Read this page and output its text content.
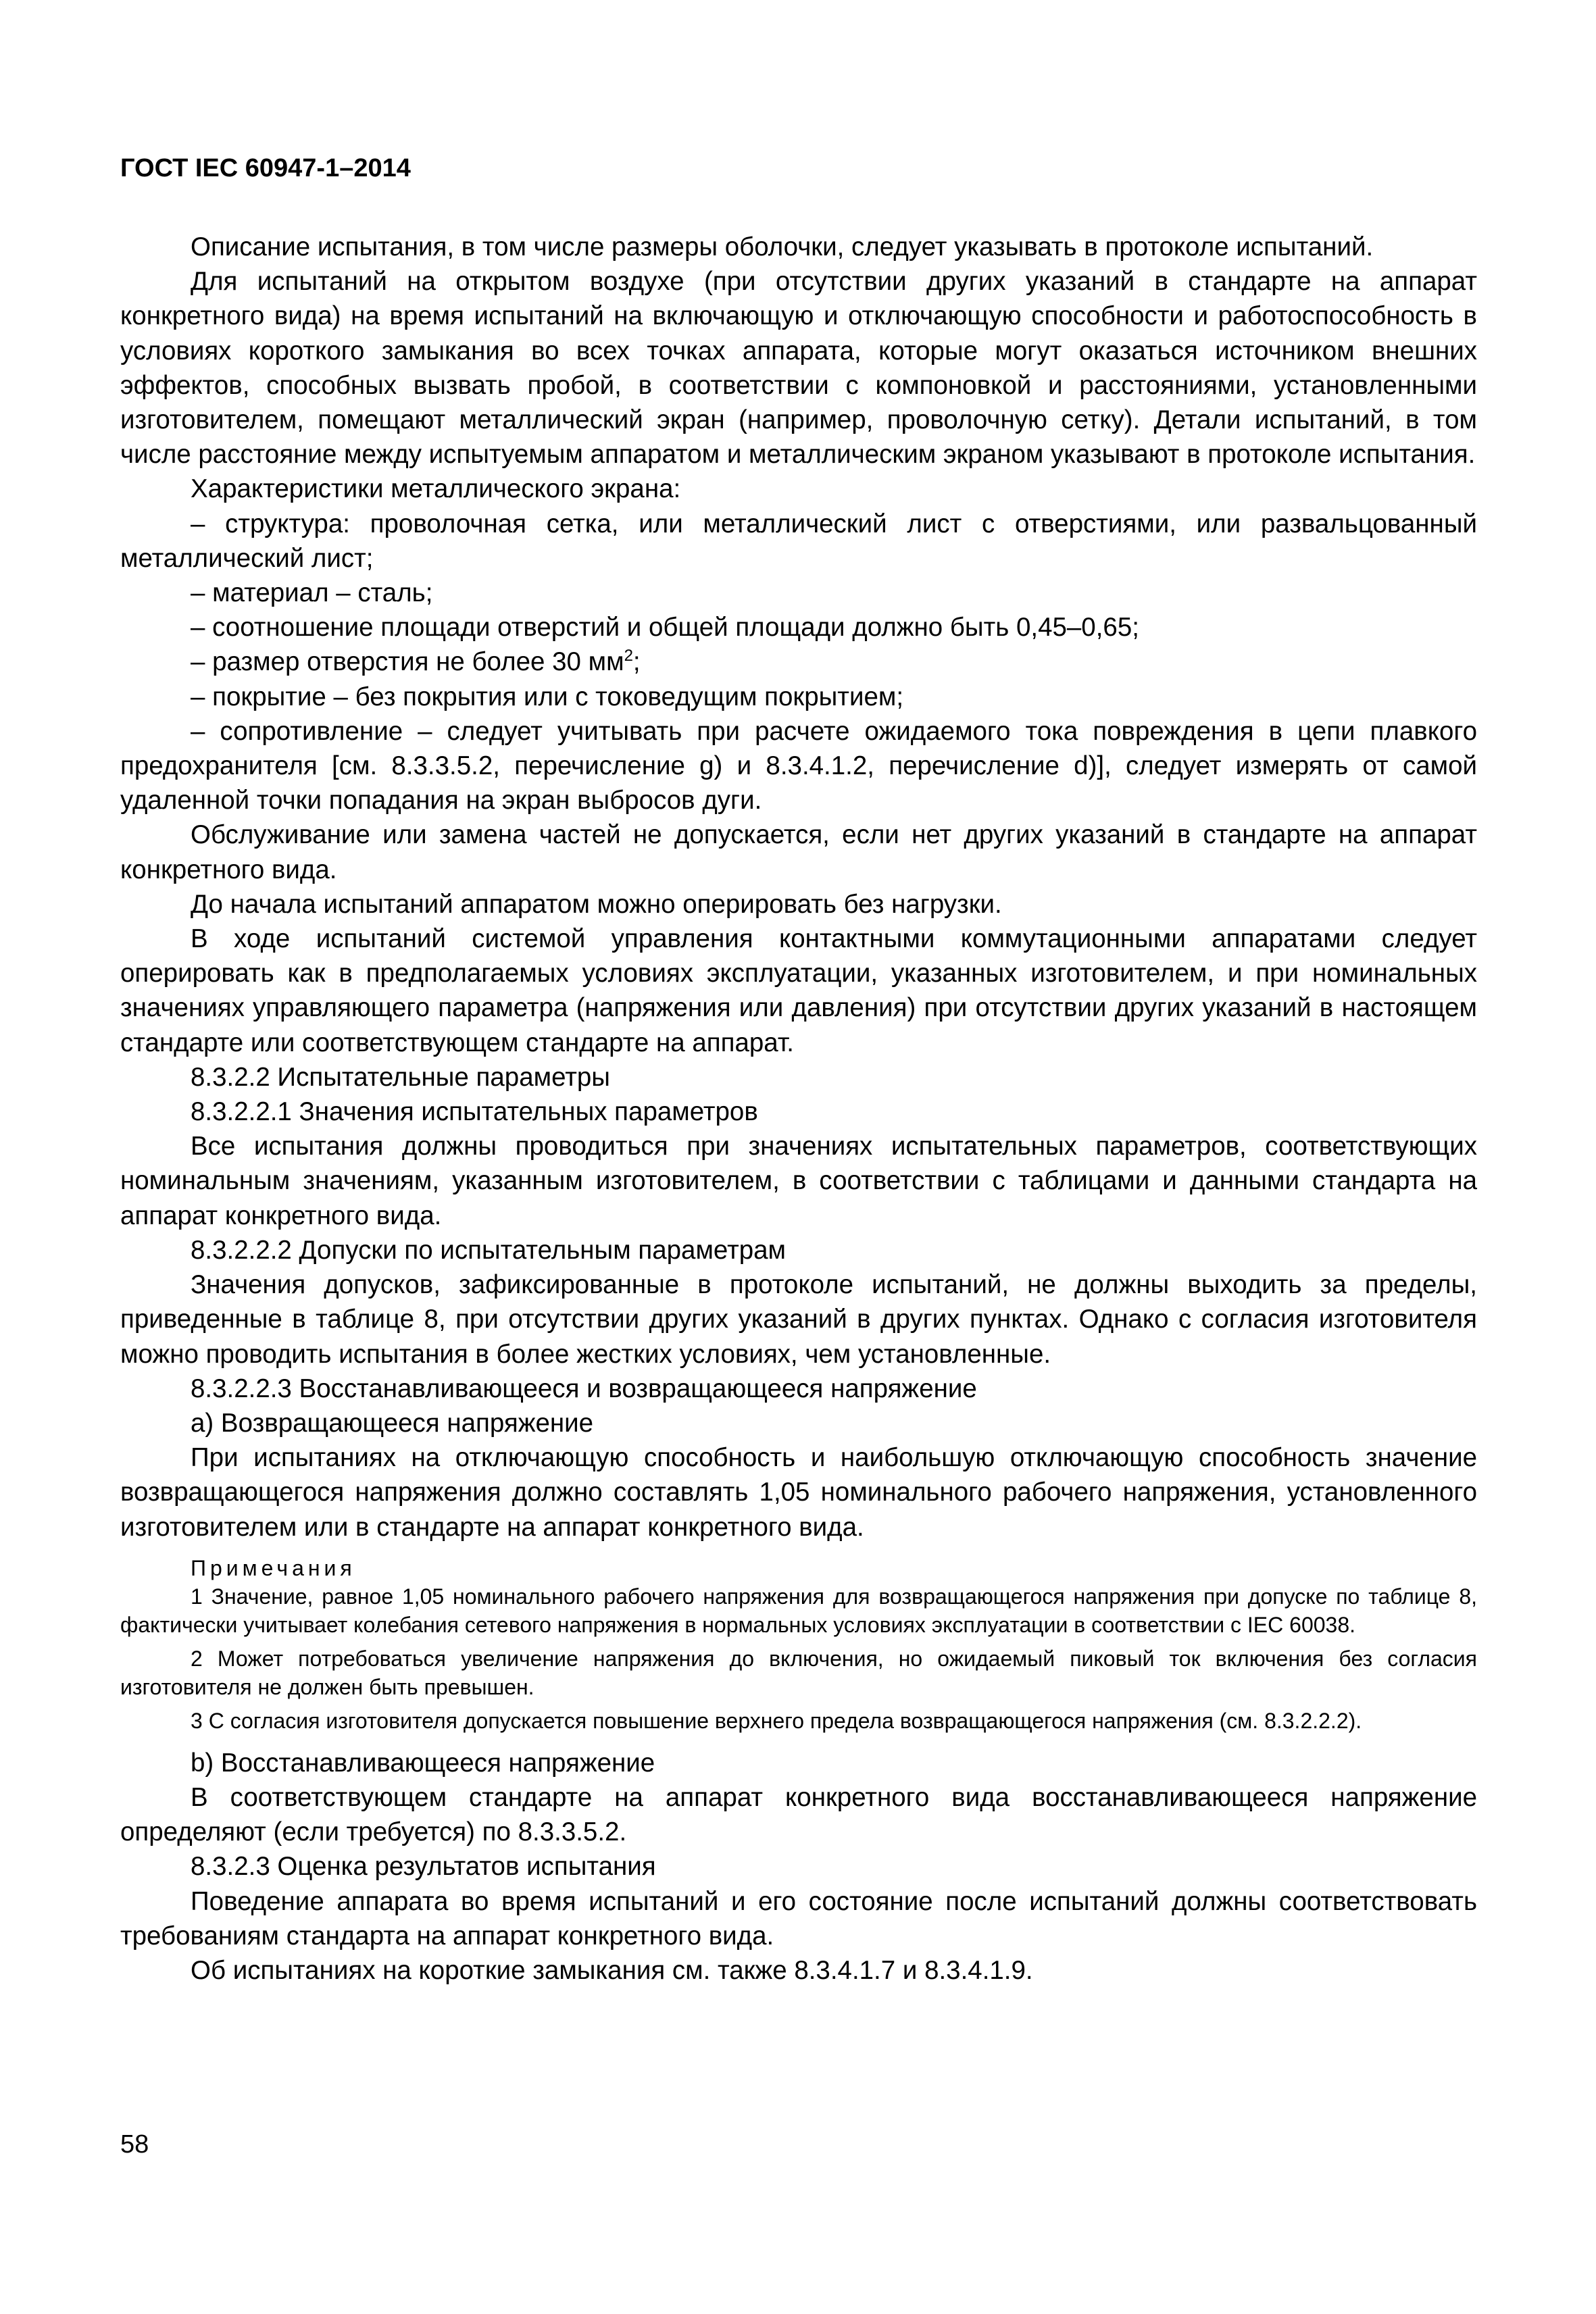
ГОСТ IEC 60947-1–2014

Описание испытания, в том числе размеры оболочки, следует указывать в протоколе испытаний.

Для испытаний на открытом воздухе (при отсутствии других указаний в стандарте на аппарат конкретного вида) на время испытаний на включающую и отключающую способности и работоспособность в условиях короткого замыкания во всех точках аппарата, которые могут оказаться источником внешних эффектов, способных вызвать пробой, в соответствии с компоновкой и расстояниями, установленными изготовителем, помещают металлический экран (например, проволочную сетку). Детали испытаний, в том числе расстояние между испытуемым аппаратом и металлическим экраном указывают в протоколе испытания.

Характеристики металлического экрана:

– структура: проволочная сетка, или металлический лист с отверстиями, или развальцованный металлический лист;

– материал – сталь;

– соотношение площади отверстий и общей площади должно быть 0,45–0,65;

– размер отверстия не более 30 $мм^2$;

– покрытие – без покрытия или с токоведущим покрытием;

– сопротивление – следует учитывать при расчете ожидаемого тока повреждения в цепи плавкого предохранителя [см. 8.3.3.5.2, перечисление g) и 8.3.4.1.2, перечисление d)], следует измерять от самой удаленной точки попадания на экран выбросов дуги.

Обслуживание или замена частей не допускается, если нет других указаний в стандарте на аппарат конкретного вида.

До начала испытаний аппаратом можно оперировать без нагрузки.

В ходе испытаний системой управления контактными коммутационными аппаратами следует оперировать как в предполагаемых условиях эксплуатации, указанных изготовителем, и при номинальных значениях управляющего параметра (напряжения или давления) при отсутствии других указаний в настоящем стандарте или соответствующем стандарте на аппарат.

8.3.2.2 Испытательные параметры

8.3.2.2.1 Значения испытательных параметров

Все испытания должны проводиться при значениях испытательных параметров, соответствующих номинальным значениям, указанным изготовителем, в соответствии с таблицами и данными стандарта на аппарат конкретного вида.

8.3.2.2.2 Допуски по испытательным параметрам

Значения допусков, зафиксированные в протоколе испытаний, не должны выходить за пределы, приведенные в таблице 8, при отсутствии других указаний в других пунктах. Однако с согласия изготовителя можно проводить испытания в более жестких условиях, чем установленные.

8.3.2.2.3 Восстанавливающееся и возвращающееся напряжение

a) Возвращающееся напряжение

При испытаниях на отключающую способность и наибольшую отключающую способность значение возвращающегося напряжения должно составлять 1,05 номинального рабочего напряжения, установленного изготовителем или в стандарте на аппарат конкретного вида.

Примечания

1 Значение, равное 1,05 номинального рабочего напряжения для возвращающегося напряжения при допуске по таблице 8, фактически учитывает колебания сетевого напряжения в нормальных условиях эксплуатации в соответствии с IEC 60038.

2 Может потребоваться увеличение напряжения до включения, но ожидаемый пиковый ток включения без согласия изготовителя не должен быть превышен.

3 С согласия изготовителя допускается повышение верхнего предела возвращающегося напряжения (см. 8.3.2.2.2).

b) Восстанавливающееся напряжение

В соответствующем стандарте на аппарат конкретного вида восстанавливающееся напряжение определяют (если требуется) по 8.3.3.5.2.

8.3.2.3 Оценка результатов испытания

Поведение аппарата во время испытаний и его состояние после испытаний должны соответствовать требованиям стандарта на аппарат конкретного вида.

Об испытаниях на короткие замыкания см. также 8.3.4.1.7 и 8.3.4.1.9.

58
